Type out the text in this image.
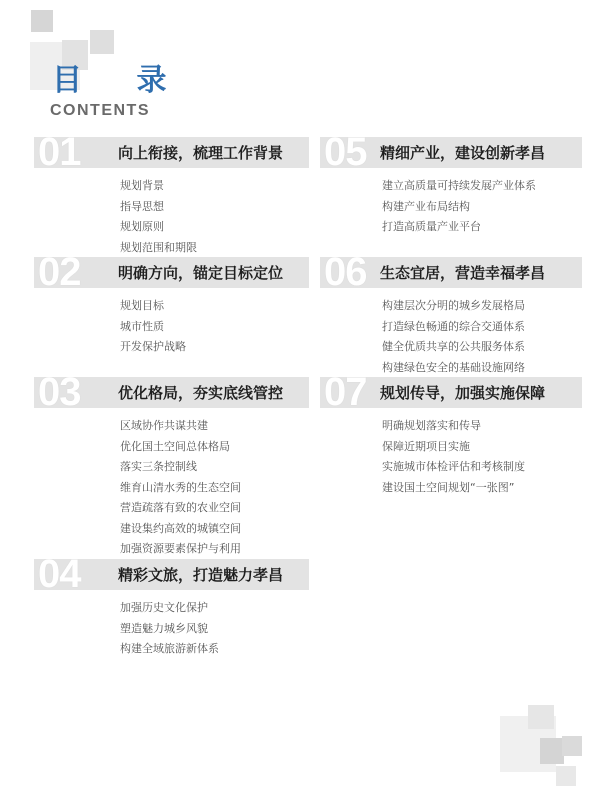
目 录
CONTENTS
01	向上衔接，梳理工作背景
规划背景
指导思想
规划原则
规划范围和期限
02	明确方向，锚定目标定位
规划目标
城市性质
开发保护战略
03	优化格局，夯实底线管控
区域协作共谋共建
优化国土空间总体格局
落实三条控制线
维育山清水秀的生态空间
营造疏落有致的农业空间
建设集约高效的城镇空间
加强资源要素保护与利用
04	精彩文旅，打造魅力孝昌
加强历史文化保护
塑造魅力城乡风貌
构建全域旅游新体系
05 精细产业，建设创新孝昌
建立高质量可持续发展产业体系
构建产业布局结构
打造高质量产业平台
06 生态宜居，营造幸福孝昌
构建层次分明的城乡发展格局
打造绿色畅通的综合交通体系
健全优质共享的公共服务体系
构建绿色安全的基础设施网络
07 规划传导，加强实施保障
明确规划落实和传导
保障近期项目实施
实施城市体检评估和考核制度
建设国土空间规划“一张图”
